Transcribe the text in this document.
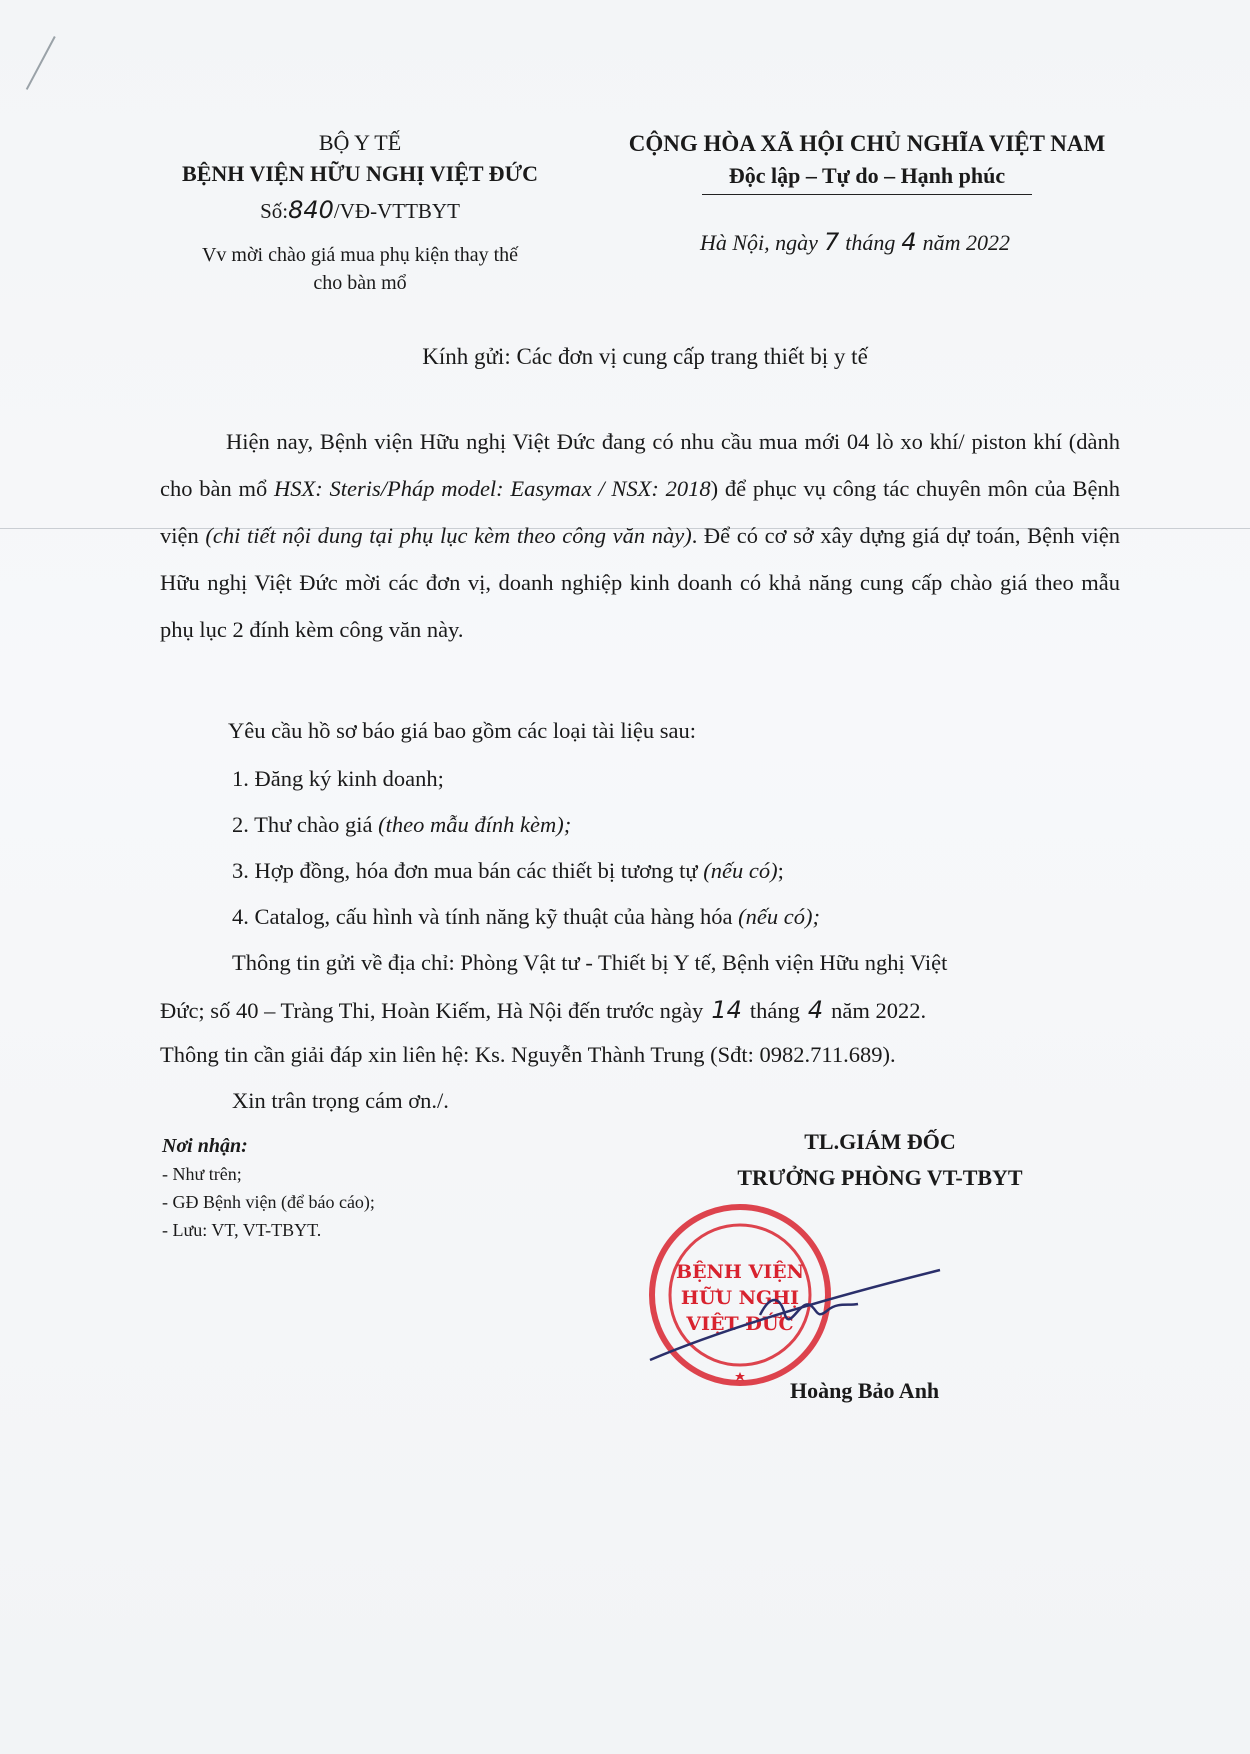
BỘ Y TẾ
BỆNH VIỆN HỮU NGHỊ VIỆT ĐỨC
Số:840/VĐ-VTTBYT
Vv mời chào giá mua phụ kiện thay thế
cho bàn mổ
CỘNG HÒA XÃ HỘI CHỦ NGHĨA VIỆT NAM
Độc lập – Tự do – Hạnh phúc
Hà Nội, ngày 7 tháng 4 năm 2022
Kính gửi: Các đơn vị cung cấp trang thiết bị y tế
Hiện nay, Bệnh viện Hữu nghị Việt Đức đang có nhu cầu mua mới 04 lò xo khí/ piston khí (dành cho bàn mổ HSX: Steris/Pháp model: Easymax / NSX: 2018) để phục vụ công tác chuyên môn của Bệnh viện (chi tiết nội dung tại phụ lục kèm theo công văn này). Để có cơ sở xây dựng giá dự toán, Bệnh viện Hữu nghị Việt Đức mời các đơn vị, doanh nghiệp kinh doanh có khả năng cung cấp chào giá theo mẫu phụ lục 2 đính kèm công văn này.
Yêu cầu hồ sơ báo giá bao gồm các loại tài liệu sau:
1. Đăng ký kinh doanh;
2. Thư chào giá (theo mẫu đính kèm);
3. Hợp đồng, hóa đơn mua bán các thiết bị tương tự (nếu có);
4. Catalog, cấu hình và tính năng kỹ thuật của hàng hóa (nếu có);
Thông tin gửi về địa chỉ: Phòng Vật tư - Thiết bị Y tế, Bệnh viện Hữu nghị Việt
Đức; số 40 – Tràng Thi, Hoàn Kiếm, Hà Nội đến trước ngày 14 tháng 4 năm 2022.
Thông tin cần giải đáp xin liên hệ: Ks. Nguyễn Thành Trung (Sđt: 0982.711.689).
Xin trân trọng cám ơn./.
Nơi nhận:
- Như trên;
- GĐ Bệnh viện (để báo cáo);
- Lưu: VT, VT-TBYT.
TL.GIÁM ĐỐC
TRƯỞNG PHÒNG VT-TBYT
BỆNH VIỆN
HỮU NGHỊ
VIỆT ĐỨC
Hoàng Bảo Anh
